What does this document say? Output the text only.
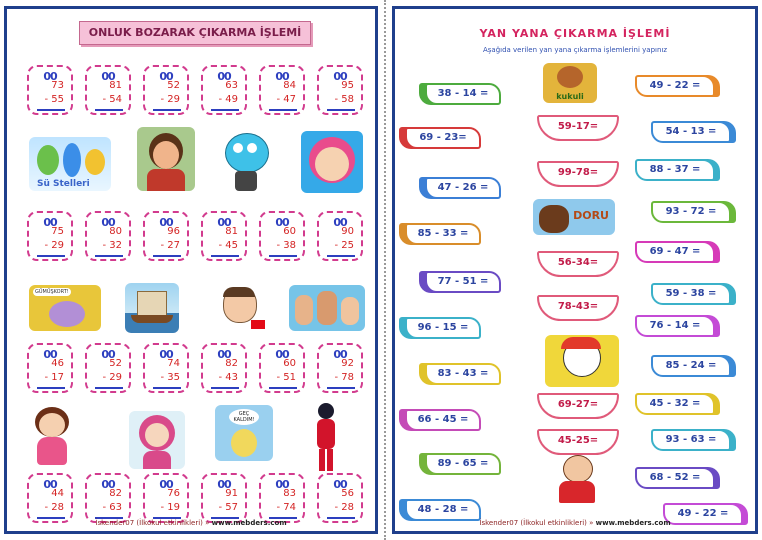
ONLUK BOZARAK ÇIKARMA İŞLEMİ
00
73
- 55
00
81
- 54
00
52
- 29
00
63
- 49
00
84
- 47
00
95
- 58
00
75
- 29
00
80
- 32
00
96
- 27
00
81
- 45
00
60
- 38
00
90
- 25
00
46
- 17
00
52
- 29
00
74
- 35
00
82
- 43
00
60
- 51
00
92
- 78
00
44
- 28
00
82
- 63
00
76
- 19
00
91
- 57
00
83
- 74
00
56
- 28
Sü Stelleri
GÜMÜŞKORT!
GEÇ KALDIM!
İskender07 (İlkokul etkinlikleri) » www.mebders.com
YAN YANA ÇIKARMA İŞLEMİ
Aşağıda verilen yan yana çıkarma işlemlerini yapınız
38 - 14 =
69 - 23=
47 - 26 =
85 - 33 =
77 - 51 =
96 - 15 =
83 - 43 =
66 - 45 =
89 - 65 =
48 - 28 =
59-17=
99-78=
56-34=
78-43=
69-27=
45-25=
49 - 22 =
54 - 13 =
88 - 37 =
93 - 72 =
69 - 47 =
59 - 38 =
76 - 14 =
85 - 24 =
45 - 32 =
93 - 63 =
68 - 52 =
49 - 22 =
kukuli
DORU
İskender07 (İlkokul etkinlikleri) » www.mebders.com
